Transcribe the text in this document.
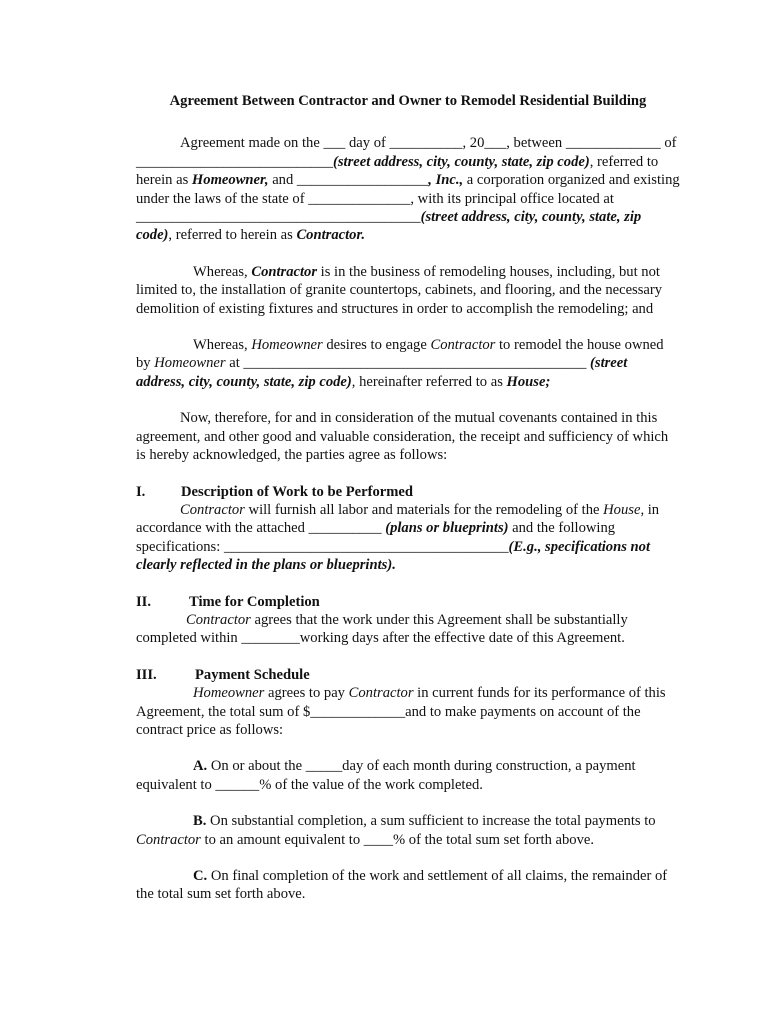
Agreement Between Contractor and Owner to Remodel Residential Building

Agreement made on the ___ day of __________, 20___, between _____________ of ___________________________(street address, city, county, state, zip code), referred to herein as Homeowner, and __________________, Inc., a corporation organized and existing under the laws of the state of ______________, with its principal office located at _______________________________________(street address, city, county, state, zip code), referred to herein as Contractor.

Whereas, Contractor is in the business of remodeling houses, including, but not limited to, the installation of granite countertops, cabinets, and flooring, and the necessary demolition of existing fixtures and structures in order to accomplish the remodeling; and

Whereas, Homeowner desires to engage Contractor to remodel the house owned by Homeowner at _______________________________________________ (street address, city, county, state, zip code), hereinafter referred to as House;

Now, therefore, for and in consideration of the mutual covenants contained in this agreement, and other good and valuable consideration, the receipt and sufficiency of which is hereby acknowledged, the parties agree as follows:

I. Description of Work to be Performed

Contractor will furnish all labor and materials for the remodeling of the House, in accordance with the attached __________ (plans or blueprints) and the following specifications: _______________________________________(E.g., specifications not clearly reflected in the plans or blueprints).

II.	Time for Completion

Contractor agrees that the work under this Agreement shall be substantially completed within ________working days after the effective date of this Agreement.

III.	Payment Schedule

Homeowner agrees to pay Contractor in current funds for its performance of this Agreement, the total sum of $_____________and to make payments on account of the contract price as follows:

A. On or about the _____day of each month during construction, a payment equivalent to ______% of the value of the work completed.

B. On substantial completion, a sum sufficient to increase the total payments to Contractor to an amount equivalent to ____% of the total sum set forth above.

C. On final completion of the work and settlement of all claims, the remainder of the total sum set forth above.
